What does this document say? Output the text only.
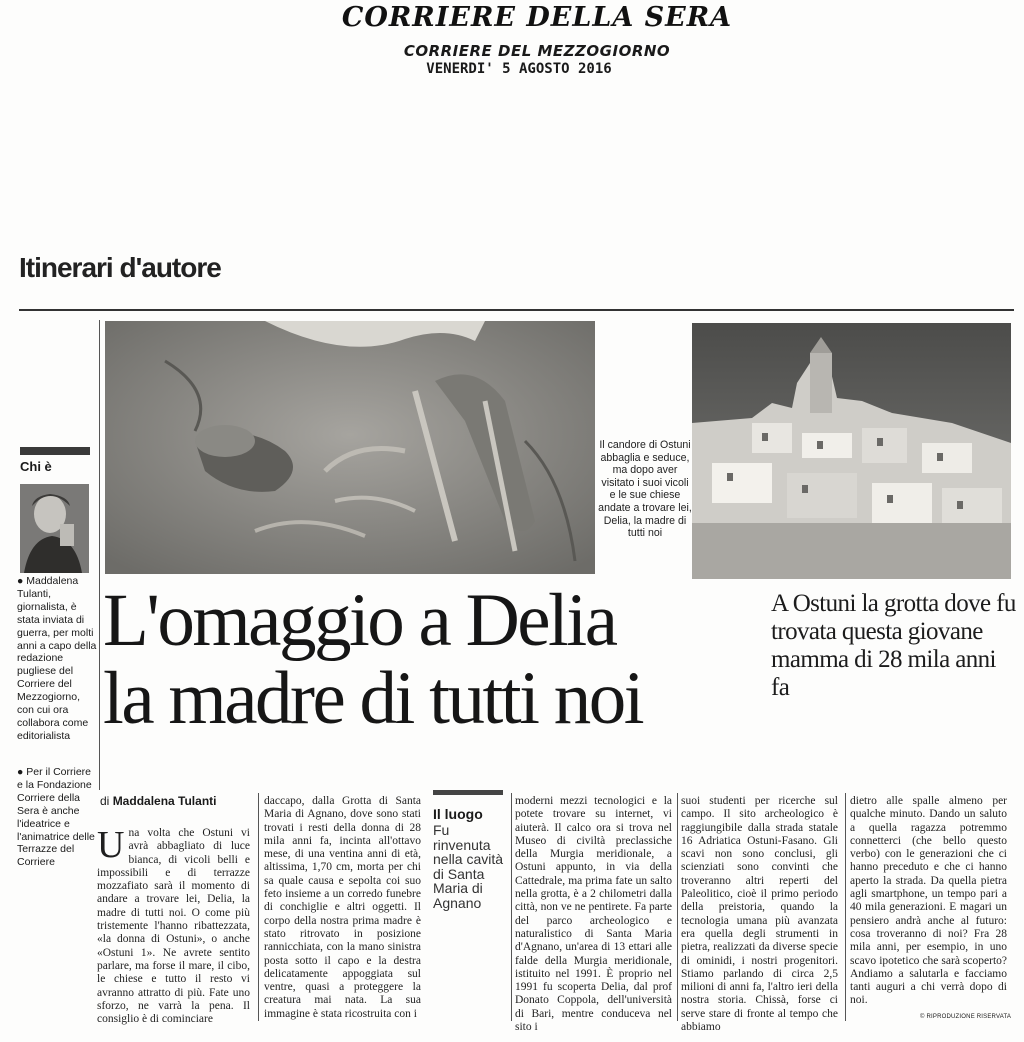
CORRIERE DELLA SERA
CORRIERE DEL MEZZOGIORNO
VENERDI' 5 AGOSTO 2016
Itinerari d'autore
Il candore di Ostuni abbaglia e seduce, ma dopo aver visitato i suoi vicoli e le sue chiese andate a trovare lei, Delia, la madre di tutti noi
Chi è
● Maddalena Tulanti, giornalista, è stata inviata di guerra, per molti anni a capo della redazione pugliese del Corriere del Mezzogiorno, con cui ora collabora come editorialista
● Per il Corriere e la Fondazione Corriere della Sera è anche l'ideatrice e l'animatrice delle Terrazze del Corriere
L'omaggio a Delia
la madre di tutti noi
A Ostuni la grotta dove fu trovata questa giovane mamma di 28 mila anni fa
di Maddalena Tulanti
Una volta che Ostuni vi avrà abbagliato di luce bianca, di vicoli belli e impossibili e di terrazze mozzafiato sarà il momento di andare a trovare lei, Delia, la madre di tutti noi. O come più tristemente l'hanno ribattezzata, «la donna di Ostuni», o anche «Ostuni 1». Ne avrete sentito parlare, ma forse il mare, il cibo, le chiese e tutto il resto vi avranno attratto di più. Fate uno sforzo, ne varrà la pena. Il consiglio è di cominciare
daccapo, dalla Grotta di Santa Maria di Agnano, dove sono stati trovati i resti della donna di 28 mila anni fa, incinta all'ottavo mese, di una ventina anni di età, altissima, 1,70 cm, morta per chi sa quale causa e sepolta coi suo feto insieme a un corredo funebre di conchiglie e altri oggetti. Il corpo della nostra prima madre è stato ritrovato in posizione rannicchiata, con la mano sinistra posta sotto il capo e la destra delicatamente appoggiata sul ventre, quasi a proteggere la creatura mai nata. La sua immagine è stata ricostruita con i
Il luogo
Fu rinvenuta nella cavità di Santa Maria di Agnano
moderni mezzi tecnologici e la potete trovare su internet, vi aiuterà. Il calco ora si trova nel Museo di civiltà preclassiche della Murgia meridionale, a Ostuni appunto, in via della Cattedrale, ma prima fate un salto nella grotta, è a 2 chilometri dalla città, non ve ne pentirete. Fa parte del parco archeologico e naturalistico di Santa Maria d'Agnano, un'area di 13 ettari alle falde della Murgia meridionale, istituito nel 1991. È proprio nel 1991 fu scoperta Delia, dal prof Donato Coppola, dell'università di Bari, mentre conduceva nel sito i
suoi studenti per ricerche sul campo. Il sito archeologico è raggiungibile dalla strada statale 16 Adriatica Ostuni-Fasano. Gli scavi non sono conclusi, gli scienziati sono convinti che troveranno altri reperti del Paleolitico, cioè il primo periodo della preistoria, quando la tecnologia umana più avanzata era quella degli strumenti in pietra, realizzati da diverse specie di ominidi, i nostri progenitori. Stiamo parlando di circa 2,5 milioni di anni fa, l'altro ieri della nostra storia. Chissà, forse ci serve stare di fronte al tempo che abbiamo
dietro alle spalle almeno per qualche minuto. Dando un saluto a quella ragazza potremmo connetterci (che bello questo verbo) con le generazioni che ci hanno preceduto e che ci hanno aperto la strada. Da quella pietra agli smartphone, un tempo pari a 40 mila generazioni. E magari un pensiero andrà anche al futuro: cosa troveranno di noi? Fra 28 mila anni, per esempio, in uno scavo ipotetico che sarà scoperto? Andiamo a salutarla e facciamo tanti auguri a chi verrà dopo di noi.
© RIPRODUZIONE RISERVATA
